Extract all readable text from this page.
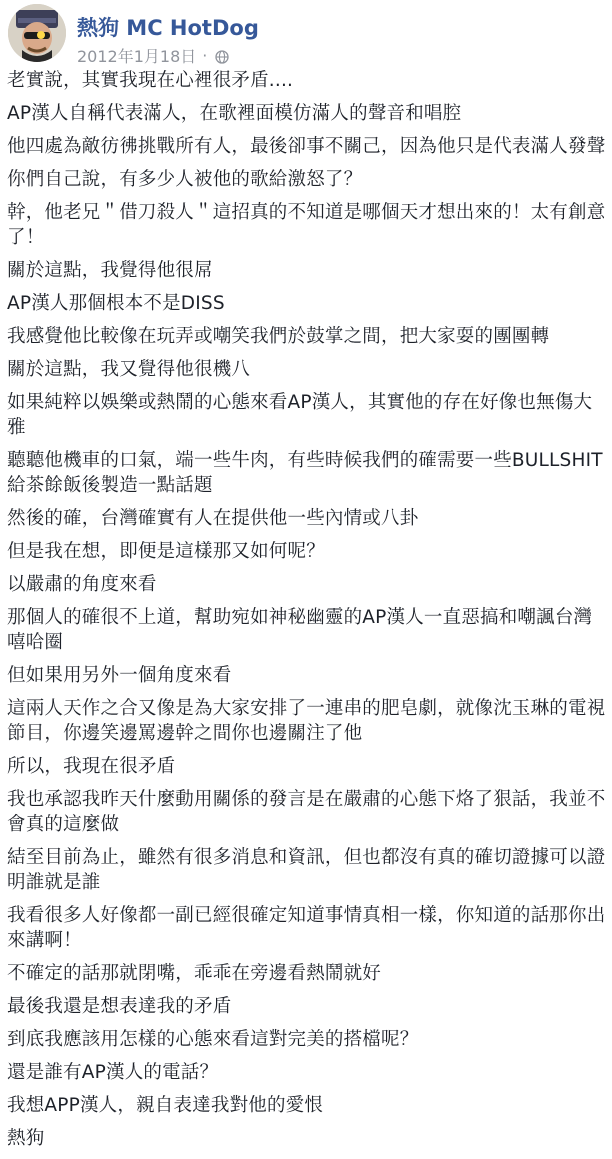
熱狗 MC HotDog
2012年1月18日 ·

老實說，其實我現在心裡很矛盾....

AP漢人自稱代表滿人，在歌裡面模仿滿人的聲音和唱腔

他四處為敵彷彿挑戰所有人，最後卻事不關己，因為他只是代表滿人發聲

你們自己說，有多少人被他的歌給激怒了？

幹，他老兄＂借刀殺人＂這招真的不知道是哪個天才想出來的！太有創意了！

關於這點，我覺得他很屌

AP漢人那個根本不是DISS

我感覺他比較像在玩弄或嘲笑我們於鼓掌之間，把大家耍的團團轉

關於這點，我又覺得他很機八

如果純粹以娛樂或熱鬧的心態來看AP漢人，其實他的存在好像也無傷大雅

聽聽他機車的口氣，端一些牛肉，有些時候我們的確需要一些BULLSHIT給茶餘飯後製造一點話題

然後的確，台灣確實有人在提供他一些內情或八卦

但是我在想，即便是這樣那又如何呢？

以嚴肅的角度來看

那個人的確很不上道，幫助宛如神秘幽靈的AP漢人一直惡搞和嘲諷台灣嘻哈圈

但如果用另外一個角度來看

這兩人天作之合又像是為大家安排了一連串的肥皂劇，就像沈玉琳的電視節目，你邊笑邊罵邊幹之間你也邊關注了他

所以，我現在很矛盾

我也承認我昨天什麼動用關係的發言是在嚴肅的心態下烙了狠話，我並不會真的這麼做

結至目前為止，雖然有很多消息和資訊，但也都沒有真的確切證據可以證明誰就是誰

我看很多人好像都一副已經很確定知道事情真相一樣，你知道的話那你出來講啊！

不確定的話那就閉嘴，乖乖在旁邊看熱鬧就好

最後我還是想表達我的矛盾

到底我應該用怎樣的心態來看這對完美的搭檔呢？

還是誰有AP漢人的電話？

我想APP漢人，親自表達我對他的愛恨

熱狗
